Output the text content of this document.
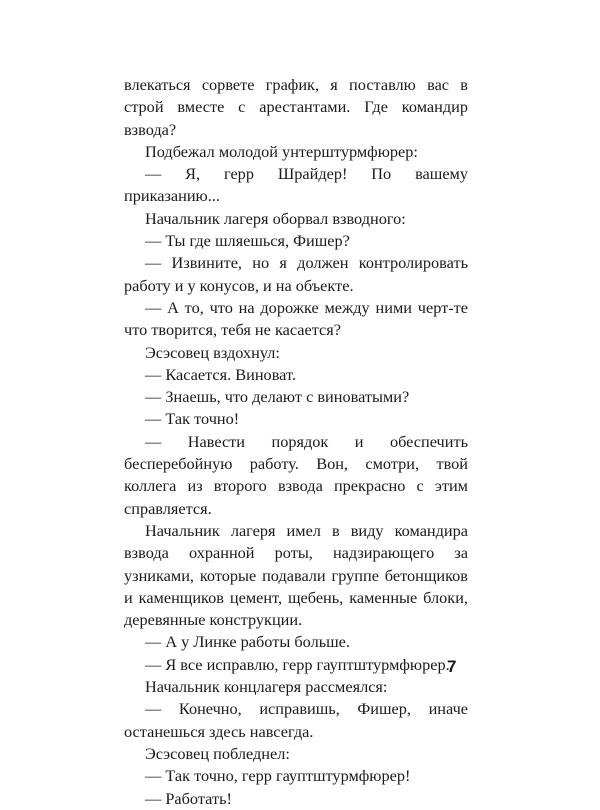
влекаться сорвете график, я поставлю вас в строй вместе с арестантами. Где командир взвода?

Подбежал молодой унтерштурмфюрер:

— Я, герр Шрайдер! По вашему приказанию...

Начальник лагеря оборвал взводного:

— Ты где шляешься, Фишер?

— Извините, но я должен контролировать работу и у конусов, и на объекте.

— А то, что на дорожке между ними черт-те что творится, тебя не касается?

Эсэсовец вздохнул:

— Касается. Виноват.

— Знаешь, что делают с виноватыми?

— Так точно!

— Навести порядок и обеспечить бесперебойную работу. Вон, смотри, твой коллега из второго взвода прекрасно с этим справляется.

Начальник лагеря имел в виду командира взвода охранной роты, надзирающего за узниками, которые подавали группе бетонщиков и каменщиков цемент, щебень, каменные блоки, деревянные конструкции.

— А у Линке работы больше.

— Я все исправлю, герр гауптштурмфюрер.

Начальник концлагеря рассмеялся:

— Конечно, исправишь, Фишер, иначе останешься здесь навсегда.

Эсэсовец побледнел:

— Так точно, герр гауптштурмфюрер!

— Работать!

7
